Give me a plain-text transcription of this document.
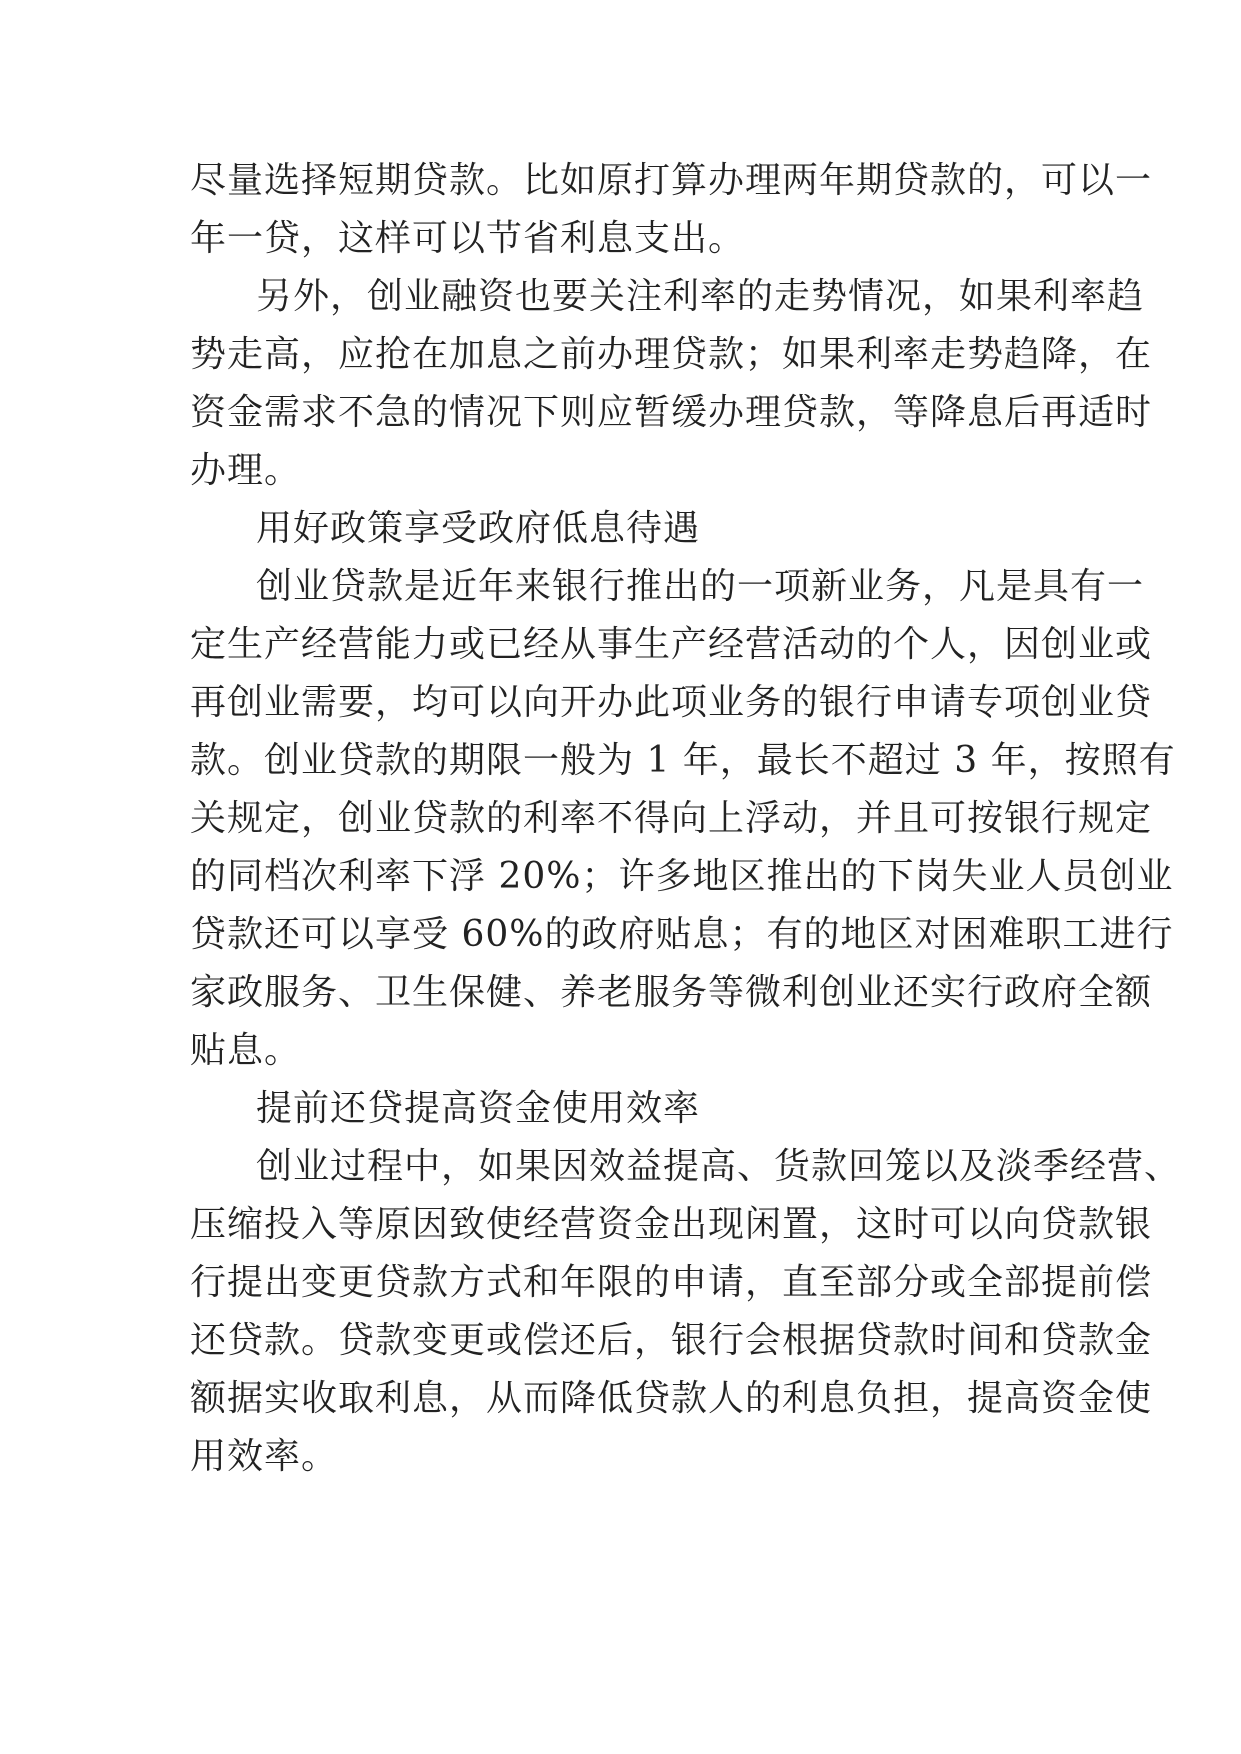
尽量选择短期贷款。比如原打算办理两年期贷款的，可以一
年一贷，这样可以节省利息支出。
另外，创业融资也要关注利率的走势情况，如果利率趋
势走高，应抢在加息之前办理贷款；如果利率走势趋降，在
资金需求不急的情况下则应暂缓办理贷款，等降息后再适时
办理。
用好政策享受政府低息待遇
创业贷款是近年来银行推出的一项新业务，凡是具有一
定生产经营能力或已经从事生产经营活动的个人，因创业或
再创业需要，均可以向开办此项业务的银行申请专项创业贷
款。创业贷款的期限一般为 1 年，最长不超过 3 年，按照有
关规定，创业贷款的利率不得向上浮动，并且可按银行规定
的同档次利率下浮 20%；许多地区推出的下岗失业人员创业
贷款还可以享受 60%的政府贴息；有的地区对困难职工进行
家政服务、卫生保健、养老服务等微利创业还实行政府全额
贴息。
提前还贷提高资金使用效率
创业过程中，如果因效益提高、货款回笼以及淡季经营、
压缩投入等原因致使经营资金出现闲置，这时可以向贷款银
行提出变更贷款方式和年限的申请，直至部分或全部提前偿
还贷款。贷款变更或偿还后，银行会根据贷款时间和贷款金
额据实收取利息，从而降低贷款人的利息负担，提高资金使
用效率。
